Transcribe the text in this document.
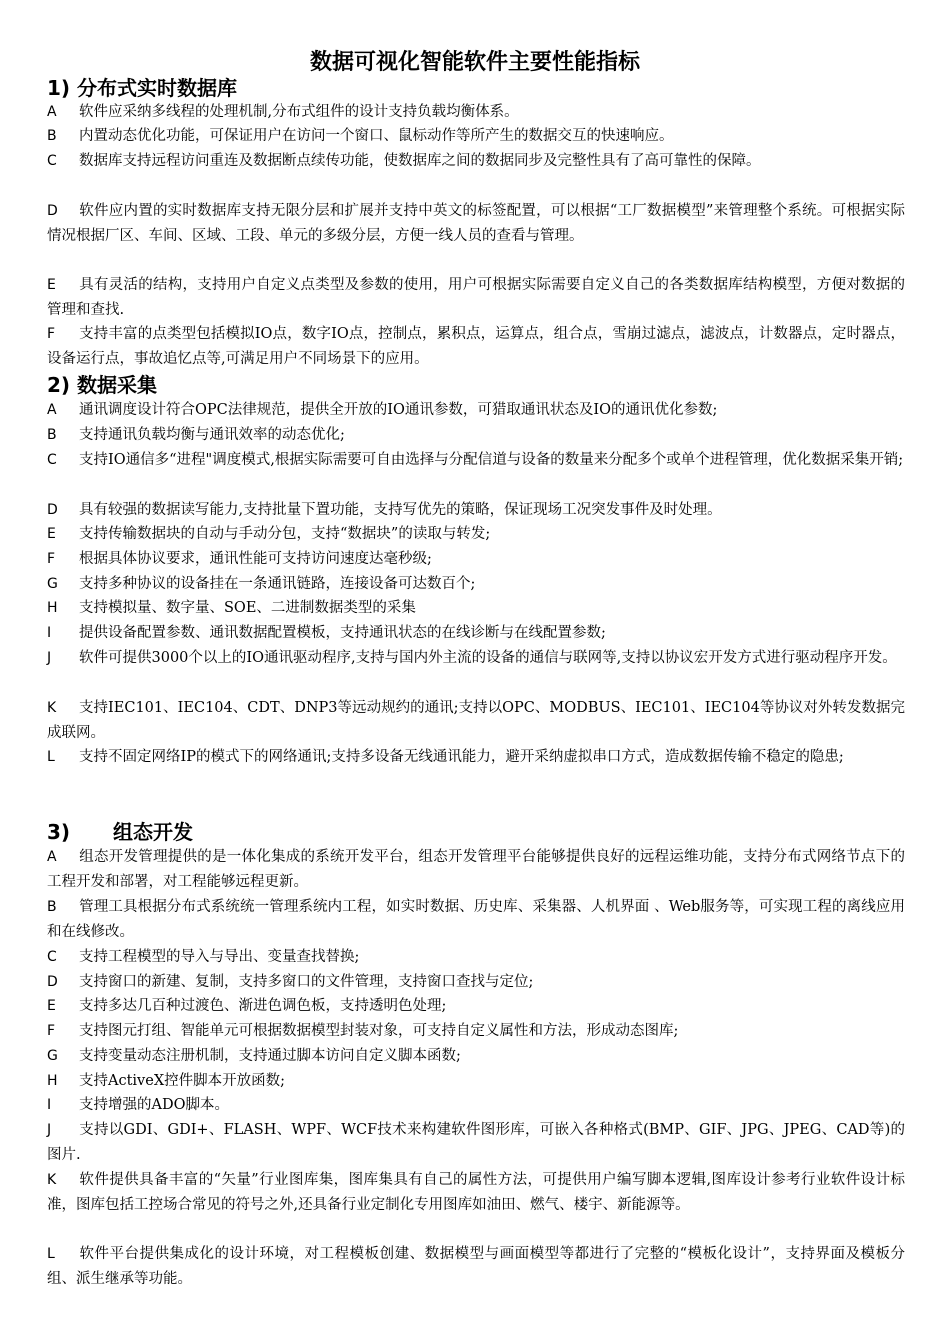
数据可视化智能软件主要性能指标
1) 分布式实时数据库
A 软件应采纳多线程的处理机制,分布式组件的设计支持负载均衡体系。
B 内置动态优化功能，可保证用户在访问一个窗口、鼠标动作等所产生的数据交互的快速响应。
C 数据库支持远程访问重连及数据断点续传功能，使数据库之间的数据同步及完整性具有了高可靠性的保障。
D 软件应内置的实时数据库支持无限分层和扩展并支持中英文的标签配置，可以根据“工厂数据模型”来管理整个系统。可根据实际情况根据厂区、车间、区域、工段、单元的多级分层，方便一线人员的查看与管理。
E 具有灵活的结构，支持用户自定义点类型及参数的使用，用户可根据实际需要自定义自己的各类数据库结构模型，方便对数据的管理和查找.
F 支持丰富的点类型包括模拟IO点，数字IO点，控制点，累积点，运算点，组合点，雪崩过滤点，滤波点，计数器点，定时器点，设备运行点，事故追忆点等,可满足用户不同场景下的应用。
2) 数据采集
A 通讯调度设计符合OPC法律规范，提供全开放的IO通讯参数，可猎取通讯状态及IO的通讯优化参数;
B 支持通讯负载均衡与通讯效率的动态优化;
C 支持IO通信多“进程"调度模式,根据实际需要可自由选择与分配信道与设备的数量来分配多个或单个进程管理，优化数据采集开销;
D 具有较强的数据读写能力,支持批量下置功能，支持写优先的策略，保证现场工况突发事件及时处理。
E 支持传输数据块的自动与手动分包，支持“数据块”的读取与转发;
F 根据具体协议要求，通讯性能可支持访问速度达毫秒级;
G 支持多种协议的设备挂在一条通讯链路，连接设备可达数百个;
H 支持模拟量、数字量、SOE、二进制数据类型的采集
I 提供设备配置参数、通讯数据配置模板，支持通讯状态的在线诊断与在线配置参数;
J 软件可提供3000个以上的IO通讯驱动程序,支持与国内外主流的设备的通信与联网等,支持以协议宏开发方式进行驱动程序开发。
K 支持IEC101、IEC104、CDT、DNP3等远动规约的通讯;支持以OPC、MODBUS、IEC101、IEC104等协议对外转发数据完成联网。
L 支持不固定网络IP的模式下的网络通讯;支持多设备无线通讯能力，避开采纳虚拟串口方式，造成数据传输不稳定的隐患;
3) 组态开发
A 组态开发管理提供的是一体化集成的系统开发平台，组态开发管理平台能够提供良好的远程运维功能，支持分布式网络节点下的工程开发和部署，对工程能够远程更新。
B 管理工具根据分布式系统统一管理系统内工程，如实时数据、历史库、采集器、人机界面 、Web服务等，可实现工程的离线应用和在线修改。
C 支持工程模型的导入与导出、变量查找替换;
D 支持窗口的新建、复制，支持多窗口的文件管理，支持窗口查找与定位;
E 支持多达几百种过渡色、渐进色调色板，支持透明色处理;
F 支持图元打组、智能单元可根据数据模型封装对象，可支持自定义属性和方法，形成动态图库;
G 支持变量动态注册机制，支持通过脚本访问自定义脚本函数;
H 支持ActiveX控件脚本开放函数;
I 支持增强的ADO脚本。
J 支持以GDI、GDI+、FLASH、WPF、WCF技术来构建软件图形库，可嵌入各种格式(BMP、GIF、JPG、JPEG、CAD等)的图片.
K 软件提供具备丰富的“矢量”行业图库集，图库集具有自己的属性方法，可提供用户编写脚本逻辑,图库设计参考行业软件设计标准，图库包括工控场合常见的符号之外,还具备行业定制化专用图库如油田、燃气、楼宇、新能源等。
L 软件平台提供集成化的设计环境，对工程模板创建、数据模型与画面模型等都进行了完整的“模板化设计”，支持界面及模板分组、派生继承等功能。
